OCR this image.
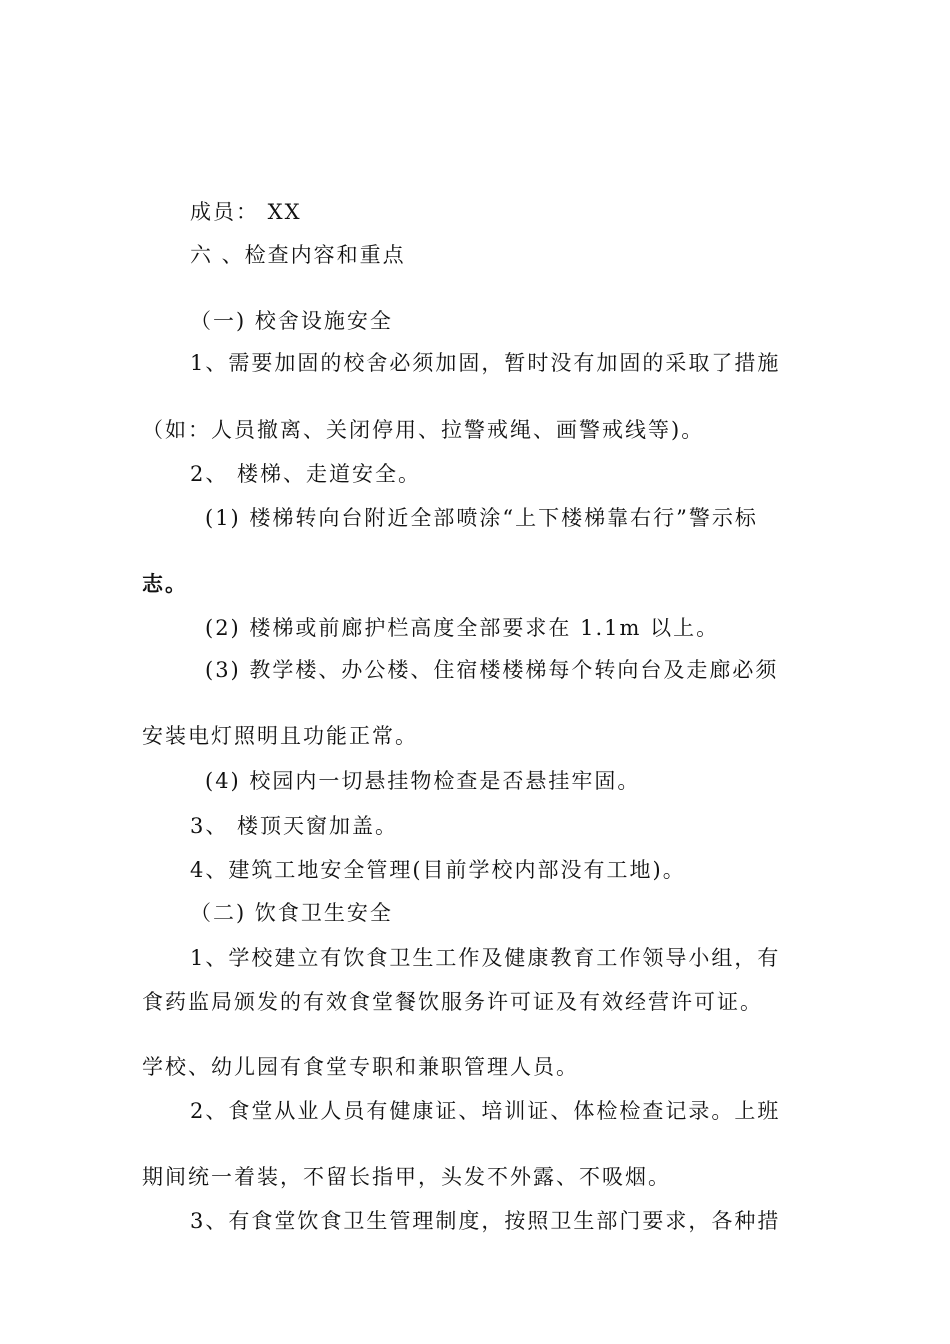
成员： XX
六 、检查内容和重点
（一) 校舍设施安全
1、需要加固的校舍必须加固，暂时没有加固的采取了措施
（如：人员撤离、关闭停用、拉警戒绳、画警戒线等)。
2、 楼梯、走道安全。
(1) 楼梯转向台附近全部喷涂“上下楼梯靠右行”警示标
志。
(2) 楼梯或前廊护栏高度全部要求在 1.1m 以上。
(3) 教学楼、办公楼、住宿楼楼梯每个转向台及走廊必须
安装电灯照明且功能正常。
(4) 校园内一切悬挂物检查是否悬挂牢固。
3、 楼顶天窗加盖。
4、建筑工地安全管理(目前学校内部没有工地)。
（二) 饮食卫生安全
1、学校建立有饮食卫生工作及健康教育工作领导小组，有
食药监局颁发的有效食堂餐饮服务许可证及有效经营许可证。
学校、幼儿园有食堂专职和兼职管理人员。
2、食堂从业人员有健康证、培训证、体检检查记录。上班
期间统一着装，不留长指甲，头发不外露、不吸烟。
3、有食堂饮食卫生管理制度，按照卫生部门要求，各种措
